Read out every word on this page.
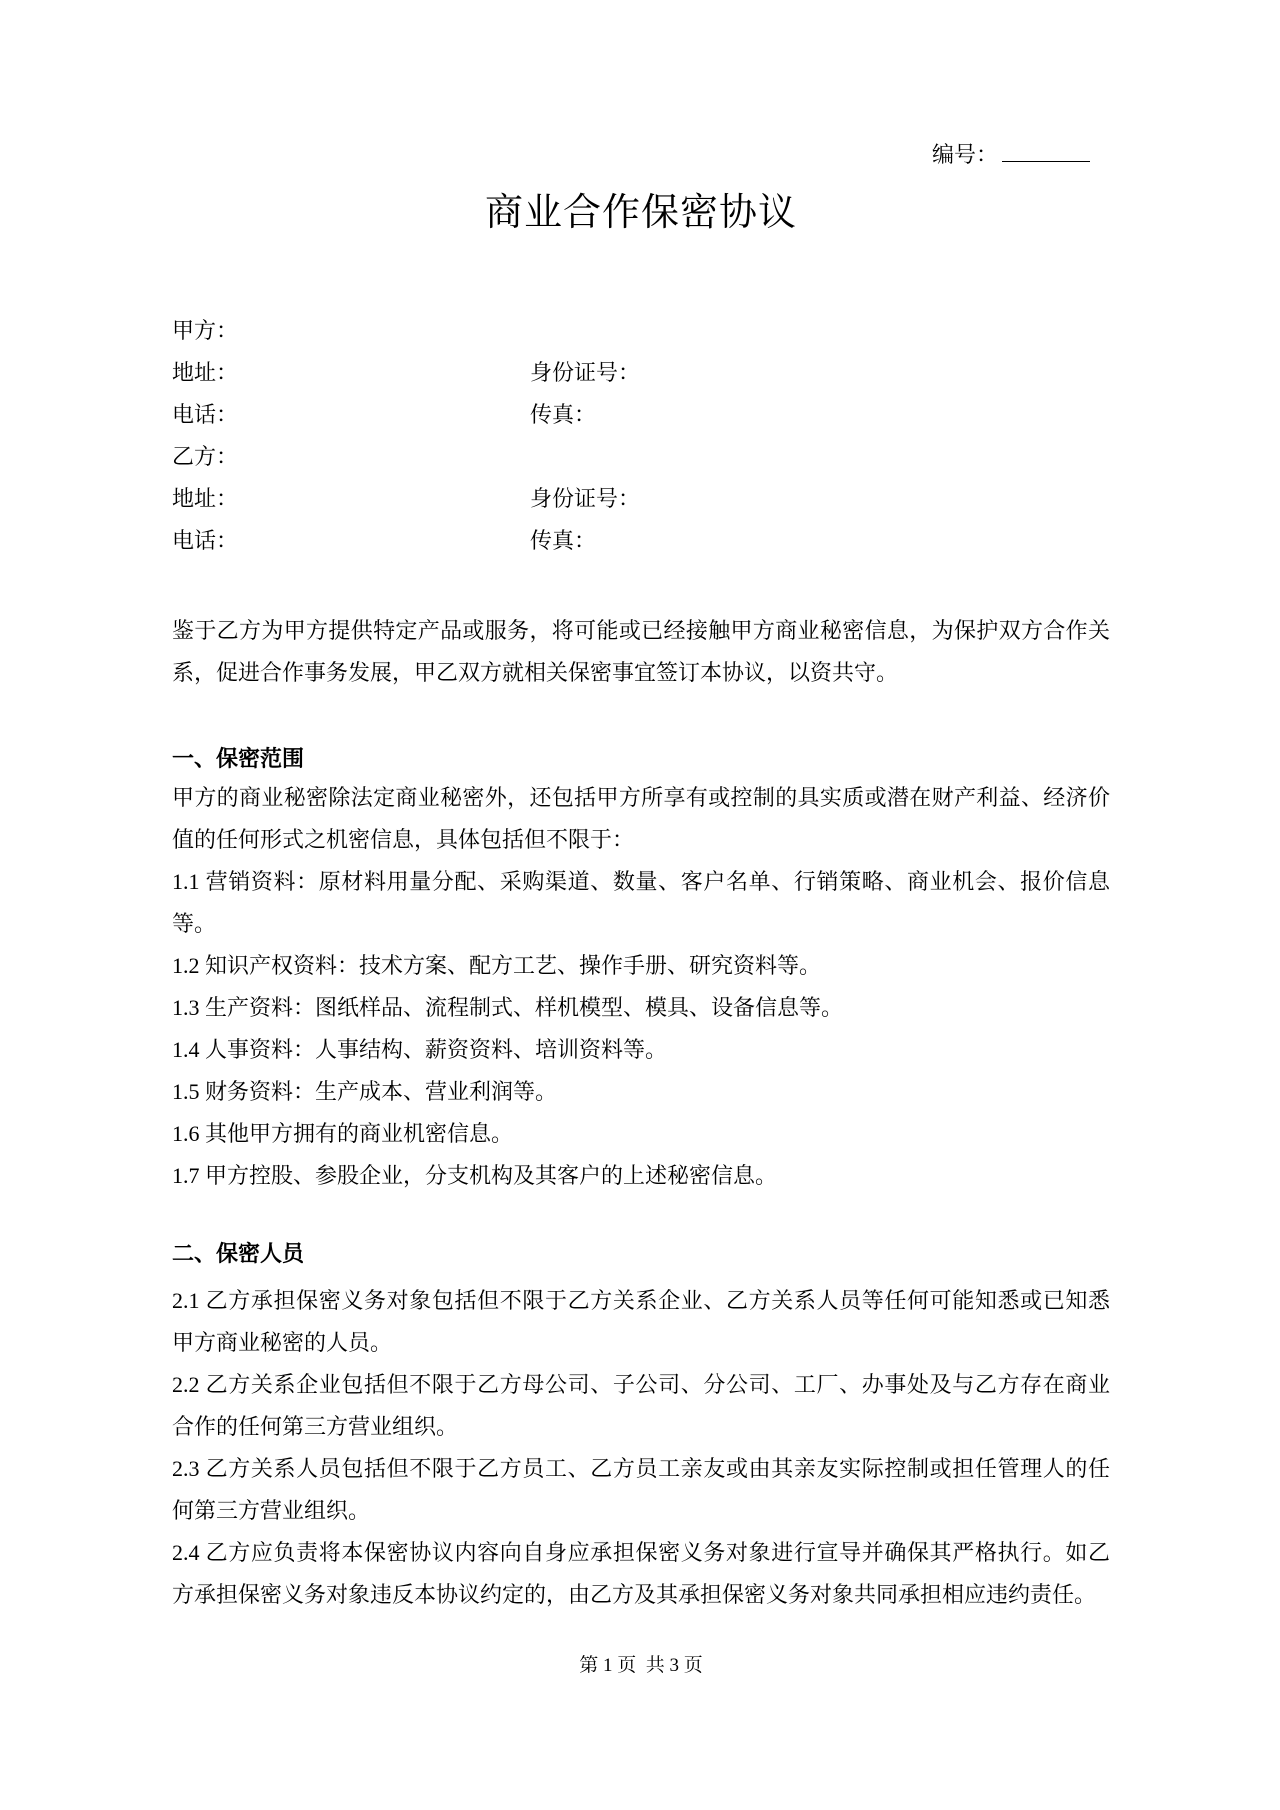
编号：
商业合作保密协议
甲方：
地址：	身份证号：
电话：	传真：
乙方：
地址：	身份证号：
电话：	传真：
鉴于乙方为甲方提供特定产品或服务，将可能或已经接触甲方商业秘密信息，为保护双方合作关
系，促进合作事务发展，甲乙双方就相关保密事宜签订本协议，以资共守。
一、保密范围
甲方的商业秘密除法定商业秘密外，还包括甲方所享有或控制的具实质或潜在财产利益、经济价
值的任何形式之机密信息，具体包括但不限于：
1.1 营销资料：原材料用量分配、采购渠道、数量、客户名单、行销策略、商业机会、报价信息
等。
1.2 知识产权资料：技术方案、配方工艺、操作手册、研究资料等。
1.3 生产资料：图纸样品、流程制式、样机模型、模具、设备信息等。
1.4 人事资料：人事结构、薪资资料、培训资料等。
1.5 财务资料：生产成本、营业利润等。
1.6 其他甲方拥有的商业机密信息。
1.7 甲方控股、参股企业，分支机构及其客户的上述秘密信息。
二、保密人员
2.1 乙方承担保密义务对象包括但不限于乙方关系企业、乙方关系人员等任何可能知悉或已知悉
甲方商业秘密的人员。
2.2 乙方关系企业包括但不限于乙方母公司、子公司、分公司、工厂、办事处及与乙方存在商业
合作的任何第三方营业组织。
2.3 乙方关系人员包括但不限于乙方员工、乙方员工亲友或由其亲友实际控制或担任管理人的任
何第三方营业组织。
2.4 乙方应负责将本保密协议内容向自身应承担保密义务对象进行宣导并确保其严格执行。如乙
方承担保密义务对象违反本协议约定的，由乙方及其承担保密义务对象共同承担相应违约责任。
第 1 页  共 3 页
